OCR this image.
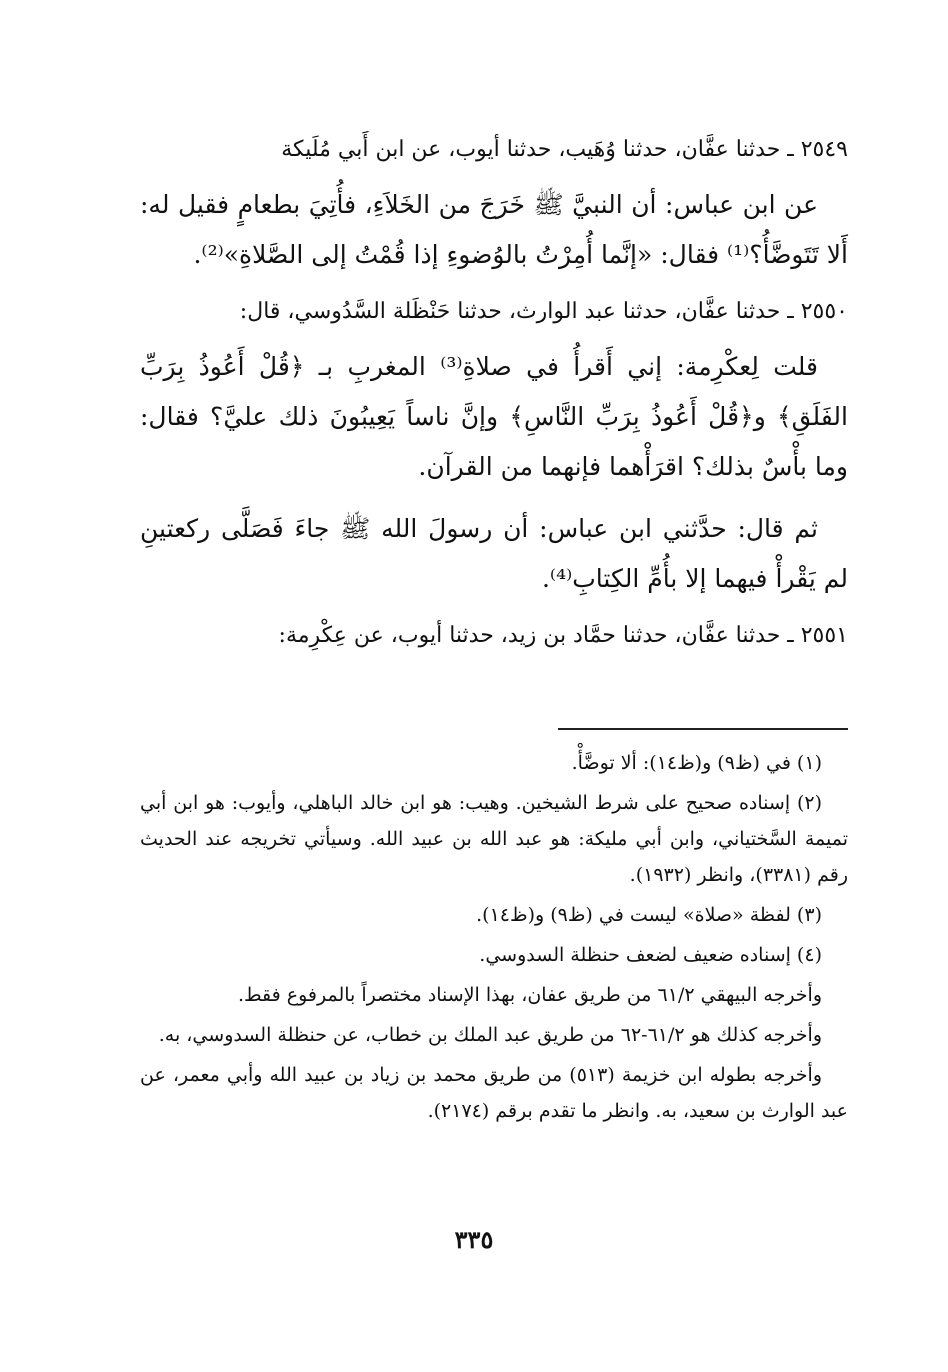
٢٥٤٩ ـ حدثنا عفَّان، حدثنا وُهَيب، حدثنا أيوب، عن ابن أَبي مُلَيكة

عن ابن عباس: أن النبيَّ ﷺ خَرَجَ من الخَلاَءِ، فأُتِيَ بطعامٍ فقيل له: أَلا تَتَوضَّأُ؟⁽¹⁾ فقال: «إنَّما أُمِرْتُ بالوُضوءِ إذا قُمْتُ إلى الصَّلاةِ»⁽²⁾.

٢٥٥٠ ـ حدثنا عفَّان، حدثنا عبد الوارث، حدثنا حَنْظَلة السَّدُوسي، قال:

قلت لِعكْرِمة: إني أَقرأُ في صلاةِ⁽³⁾ المغربِ بـ ﴿قُلْ أَعُوذُ بِرَبِّ الفَلَقِ﴾ و﴿قُلْ أَعُوذُ بِرَبِّ النَّاسِ﴾ وإنَّ ناساً يَعِيبُونَ ذلك عليَّ؟ فقال: وما بأْسٌ بذلك؟ اقرَأْهما فإنهما من القرآن.

ثم قال: حدَّثني ابن عباس: أن رسولَ الله ﷺ جاءَ فَصَلَّى ركعتينِ لم يَقْرأْ فيهما إلا بأُمِّ الكِتابِ⁽⁴⁾.

٢٥٥١ ـ حدثنا عفَّان، حدثنا حمَّاد بن زيد، حدثنا أيوب، عن عِكْرِمة:

(١) في (ظ٩) و(ظ١٤): ألا توضَّأْ.

(٢) إسناده صحيح على شرط الشيخين. وهيب: هو ابن خالد الباهلي، وأيوب: هو ابن أبي تميمة السَّختياني، وابن أبي مليكة: هو عبد الله بن عبيد الله. وسيأتي تخريجه عند الحديث رقم (٣٣٨١)، وانظر (١٩٣٢).

(٣) لفظة «صلاة» ليست في (ظ٩) و(ظ١٤).

(٤) إسناده ضعيف لضعف حنظلة السدوسي.

وأخرجه البيهقي ٦١/٢ من طريق عفان، بهذا الإسناد مختصراً بالمرفوع فقط.

وأخرجه كذلك هو ٦١/٢-٦٢ من طريق عبد الملك بن خطاب، عن حنظلة السدوسي، به.

وأخرجه بطوله ابن خزيمة (٥١٣) من طريق محمد بن زياد بن عبيد الله وأبي معمر، عن عبد الوارث بن سعيد، به. وانظر ما تقدم برقم (٢١٧٤).

٣٣٥
